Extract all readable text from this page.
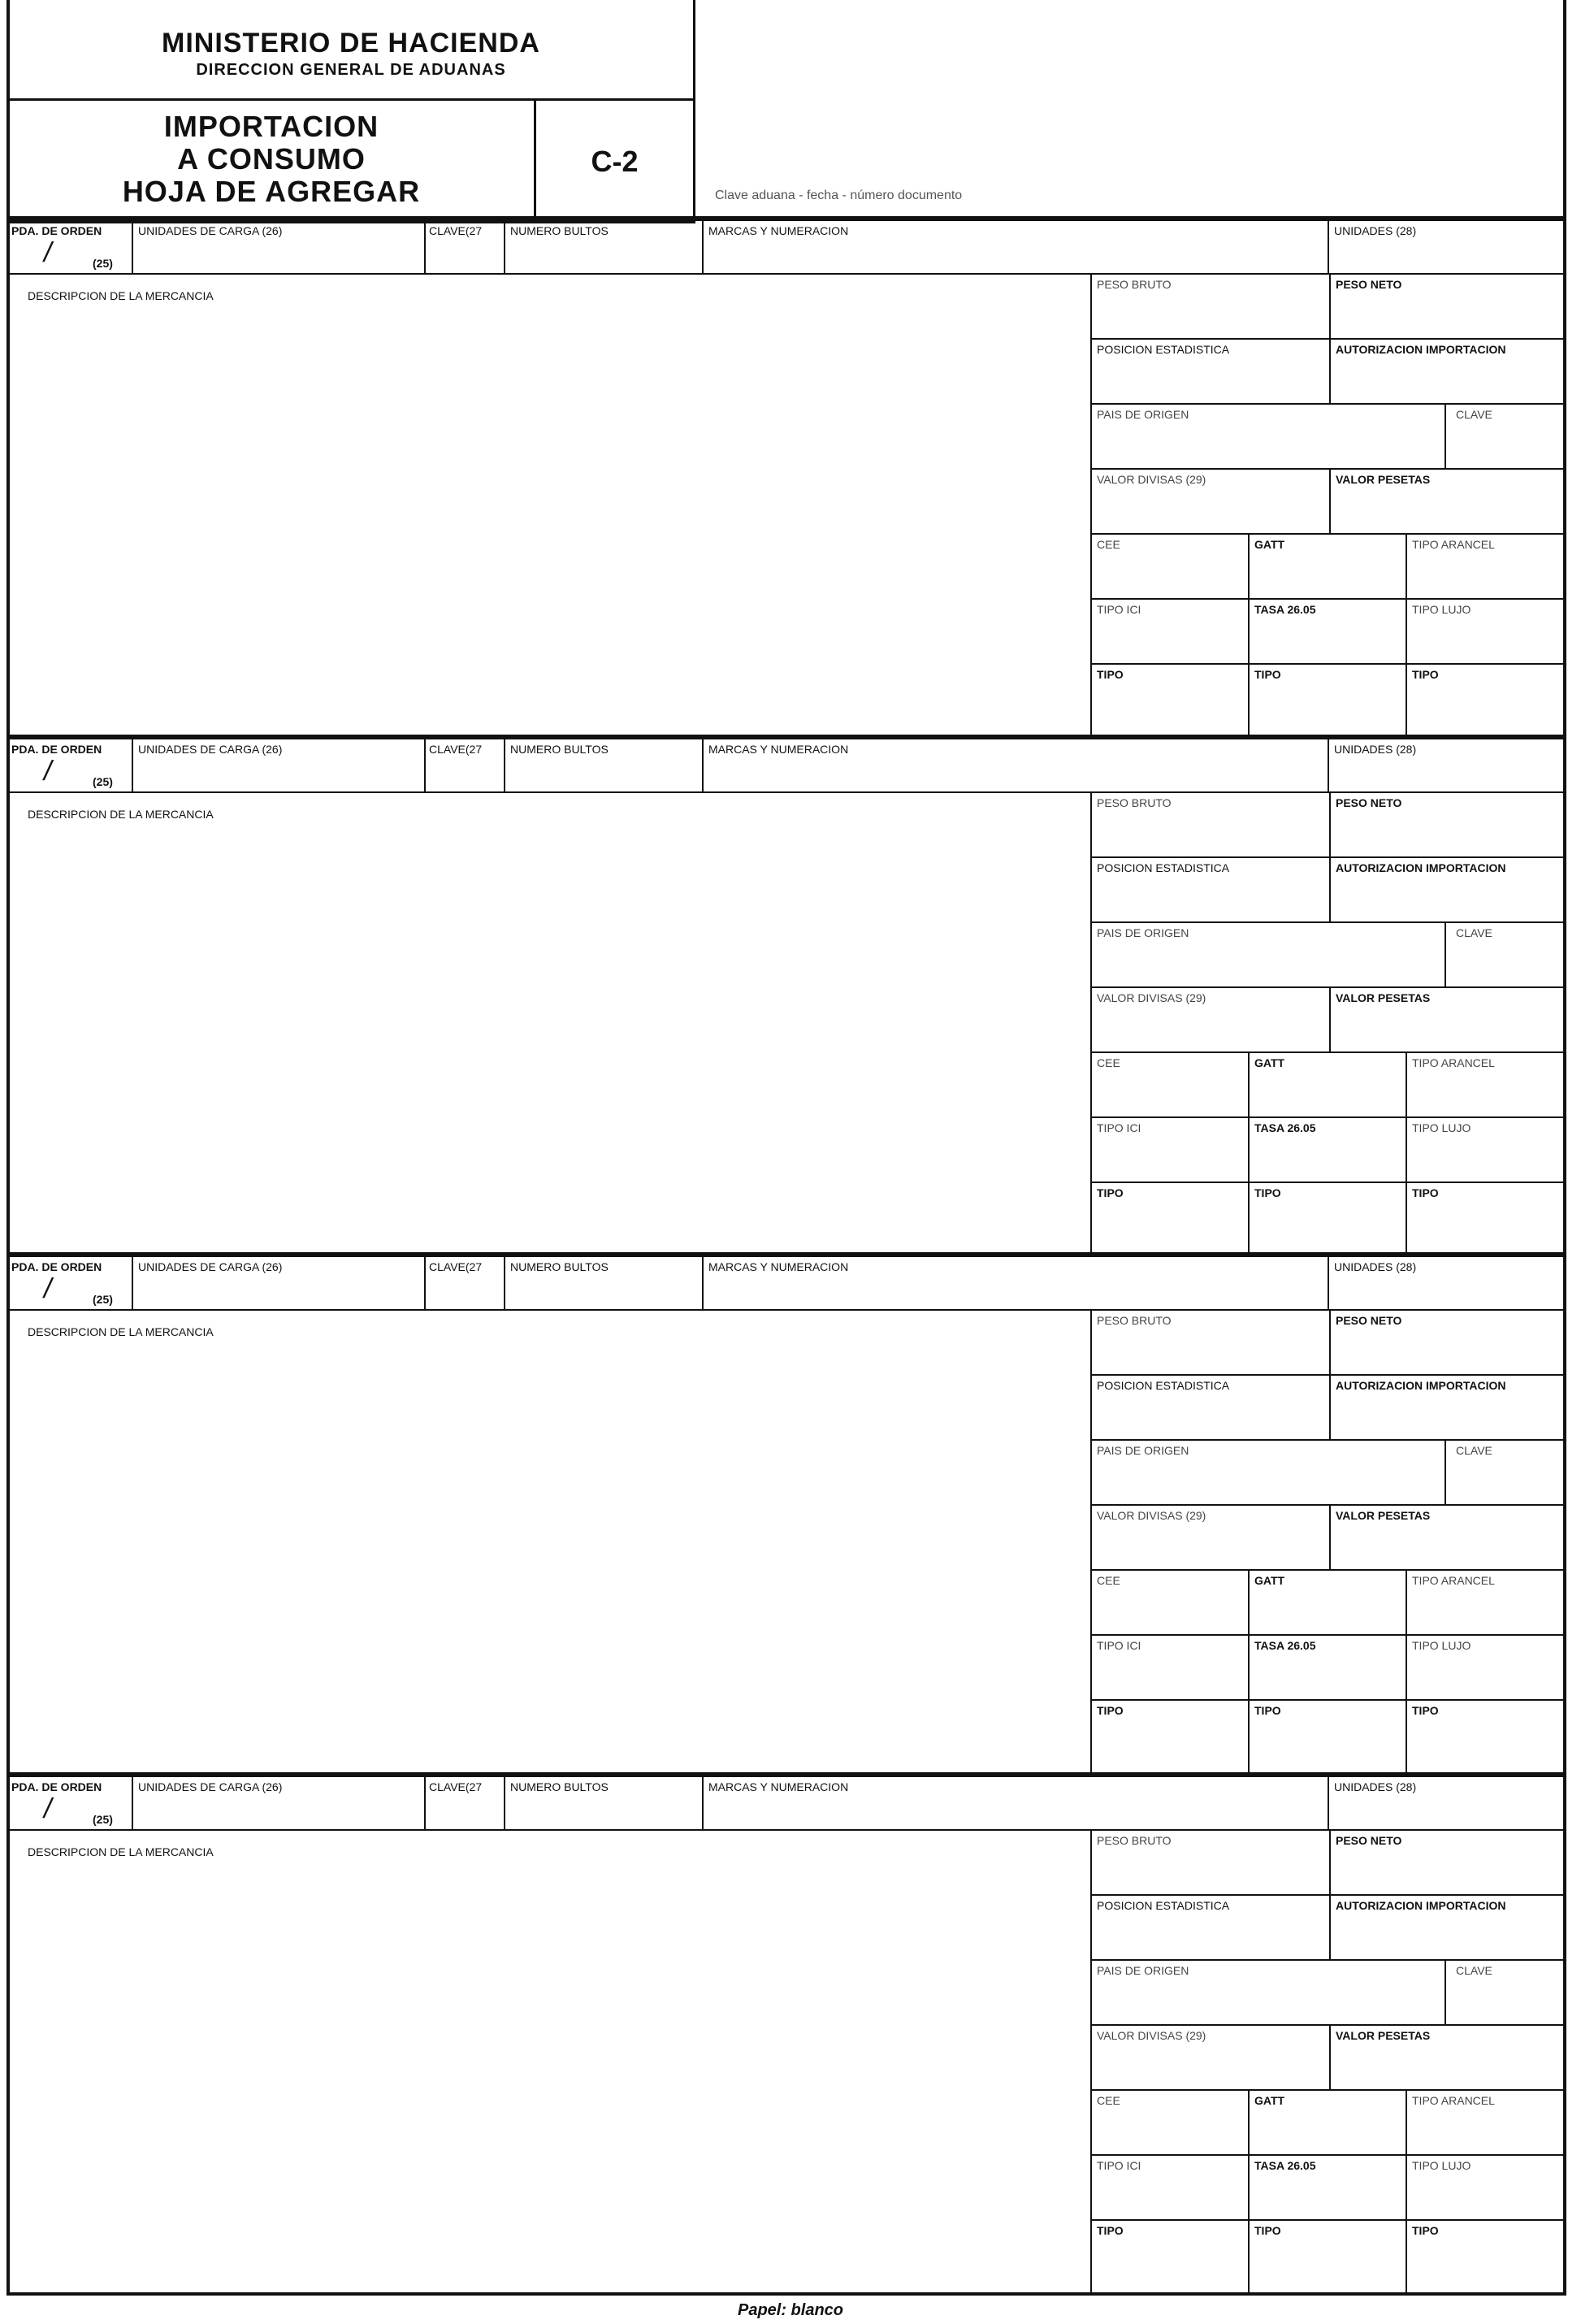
MINISTERIO DE HACIENDA
DIRECCION GENERAL DE ADUANAS
IMPORTACION
A CONSUMO
HOJA DE AGREGAR
C-2
Clave aduana - fecha - número documento
PDA. DE ORDEN
/	(25)
UNIDADES DE CARGA (26)	CLAVE(27 NUMERO BULTOS	MARCAS Y NUMERACION	UNIDADES (28)
DESCRIPCION DE LA MERCANCIA
PESO BRUTO	PESO NETO
POSICION ESTADISTICA	AUTORIZACION IMPORTACION
PAIS DE ORIGEN	CLAVE
VALOR DIVISAS (29)	VALOR PESETAS
CEE	GATT	TIPO ARANCEL
TIPO ICI	TASA 26.05	TIPO LUJO
TIPO	TIPO	TIPO
PDA. DE ORDEN
/	(25)
UNIDADES DE CARGA (26)	CLAVE(27 NUMERO BULTOS	MARCAS Y NUMERACION	UNIDADES (28)
DESCRIPCION DE LA MERCANCIA
PESO BRUTO	PESO NETO
POSICION ESTADISTICA	AUTORIZACION IMPORTACION
PAIS DE ORIGEN	CLAVE
VALOR DIVISAS (29)	VALOR PESETAS
CEE	GATT	TIPO ARANCEL
TIPO ICI	TASA 26.05	TIPO LUJO
TIPO	TIPO	TIPO
PDA. DE ORDEN
/	(25)
UNIDADES DE CARGA (26)	CLAVE(27 NUMERO BULTOS	MARCAS Y NUMERACION	UNIDADES (28)
DESCRIPCION DE LA MERCANCIA
PESO BRUTO	PESO NETO
POSICION ESTADISTICA	AUTORIZACION IMPORTACION
PAIS DE ORIGEN	CLAVE
VALOR DIVISAS (29)	VALOR PESETAS
CEE	GATT	TIPO ARANCEL
TIPO ICI	TASA 26.05	TIPO LUJO
TIPO	TIPO	TIPO
PDA. DE ORDEN
/	(25)
UNIDADES DE CARGA (26)	CLAVE(27 NUMERO BULTOS	MARCAS Y NUMERACION	UNIDADES (28)
DESCRIPCION DE LA MERCANCIA
PESO BRUTO	PESO NETO
POSICION ESTADISTICA	AUTORIZACION IMPORTACION
PAIS DE ORIGEN	CLAVE
VALOR DIVISAS (29)	VALOR PESETAS
CEE	GATT	TIPO ARANCEL
TIPO ICI	TASA 26.05	TIPO LUJO
TIPO	TIPO	TIPO
Papel: blanco
